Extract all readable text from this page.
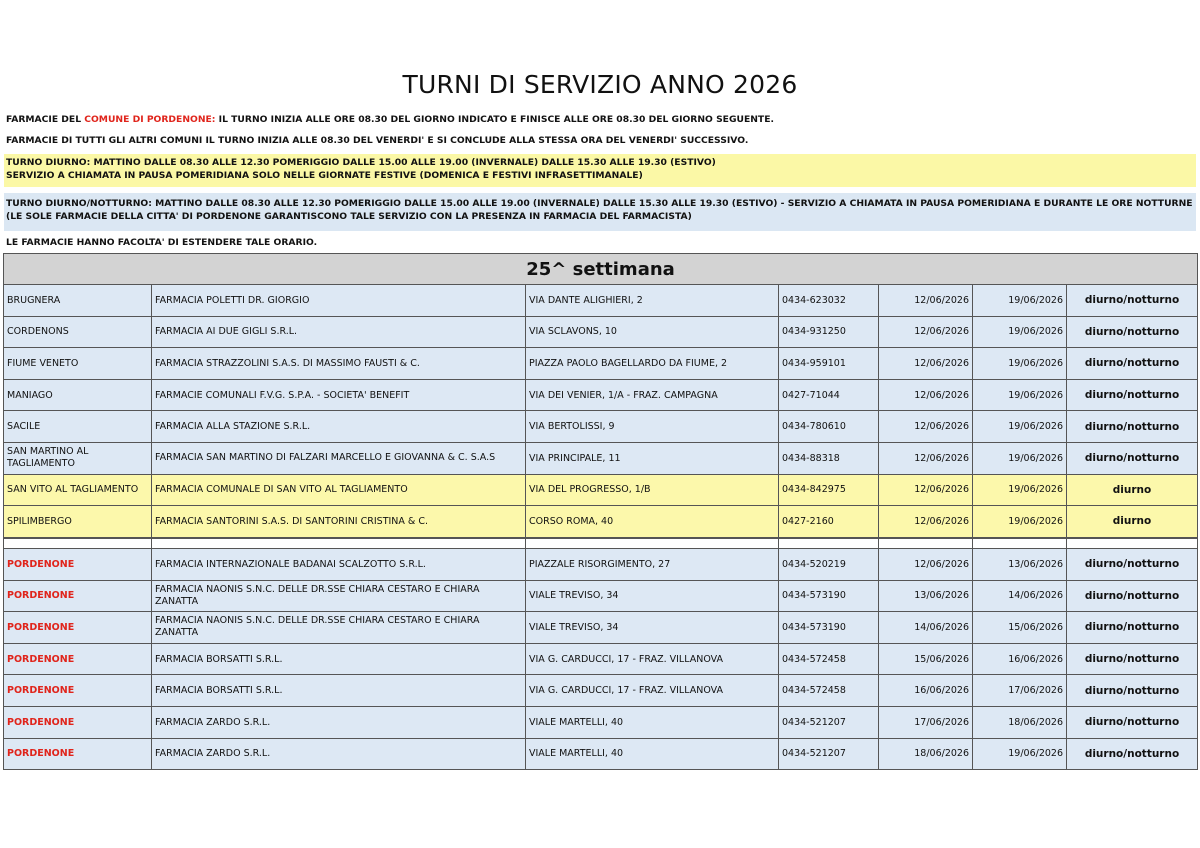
TURNI DI SERVIZIO ANNO 2026
FARMACIE DEL COMUNE DI PORDENONE: IL TURNO INIZIA ALLE ORE 08.30 DEL GIORNO INDICATO E FINISCE ALLE ORE 08.30 DEL GIORNO SEGUENTE.
FARMACIE DI TUTTI GLI ALTRI COMUNI IL TURNO INIZIA ALLE 08.30 DEL VENERDI' E SI CONCLUDE ALLA STESSA ORA DEL VENERDI' SUCCESSIVO.
TURNO DIURNO: MATTINO DALLE 08.30 ALLE 12.30 POMERIGGIO DALLE 15.00 ALLE 19.00 (INVERNALE) DALLE 15.30 ALLE 19.30 (ESTIVO)
SERVIZIO A CHIAMATA IN PAUSA POMERIDIANA SOLO NELLE GIORNATE FESTIVE (DOMENICA E FESTIVI INFRASETTIMANALE)
TURNO DIURNO/NOTTURNO: MATTINO DALLE 08.30 ALLE 12.30 POMERIGGIO DALLE 15.00 ALLE 19.00 (INVERNALE) DALLE 15.30 ALLE 19.30 (ESTIVO) - SERVIZIO A CHIAMATA IN PAUSA POMERIDIANA E DURANTE LE ORE NOTTURNE
(LE SOLE FARMACIE DELLA CITTA' DI PORDENONE GARANTISCONO TALE SERVIZIO CON LA PRESENZA IN FARMACIA DEL FARMACISTA)
LE FARMACIE HANNO FACOLTA' DI ESTENDERE TALE ORARIO.
25^ settimana						
BRUGNERA	FARMACIA POLETTI DR. GIORGIO	VIA DANTE ALIGHIERI, 2	0434-623032	12/06/2026	19/06/2026	diurno/notturno
CORDENONS	FARMACIA AI DUE GIGLI S.R.L.	VIA SCLAVONS, 10	0434-931250	12/06/2026	19/06/2026	diurno/notturno
FIUME VENETO	FARMACIA STRAZZOLINI S.A.S. DI MASSIMO FAUSTI & C.	PIAZZA PAOLO BAGELLARDO DA FIUME, 2	0434-959101	12/06/2026	19/06/2026	diurno/notturno
MANIAGO	FARMACIE COMUNALI F.V.G. S.P.A. - SOCIETA' BENEFIT	VIA DEI VENIER, 1/A - FRAZ. CAMPAGNA	0427-71044	12/06/2026	19/06/2026	diurno/notturno
SACILE	FARMACIA ALLA STAZIONE S.R.L.	VIA BERTOLISSI, 9	0434-780610	12/06/2026	19/06/2026	diurno/notturno
SAN MARTINO AL TAGLIAMENTO	FARMACIA SAN MARTINO DI FALZARI MARCELLO E GIOVANNA & C. S.A.S	VIA PRINCIPALE, 11	0434-88318	12/06/2026	19/06/2026	diurno/notturno
SAN VITO AL TAGLIAMENTO	FARMACIA COMUNALE DI SAN VITO AL TAGLIAMENTO	VIA DEL PROGRESSO, 1/B	0434-842975	12/06/2026	19/06/2026	diurno
SPILIMBERGO	FARMACIA SANTORINI S.A.S. DI SANTORINI CRISTINA & C.	CORSO ROMA, 40	0427-2160	12/06/2026	19/06/2026	diurno

PORDENONE	FARMACIA INTERNAZIONALE BADANAI SCALZOTTO S.R.L.	PIAZZALE RISORGIMENTO, 27	0434-520219	12/06/2026	13/06/2026	diurno/notturno
PORDENONE	FARMACIA NAONIS S.N.C. DELLE DR.SSE CHIARA CESTARO E CHIARA ZANATTA	VIALE TREVISO, 34	0434-573190	13/06/2026	14/06/2026	diurno/notturno
PORDENONE	FARMACIA NAONIS S.N.C. DELLE DR.SSE CHIARA CESTARO E CHIARA ZANATTA	VIALE TREVISO, 34	0434-573190	14/06/2026	15/06/2026	diurno/notturno
PORDENONE	FARMACIA BORSATTI S.R.L.	VIA G. CARDUCCI, 17 - FRAZ. VILLANOVA	0434-572458	15/06/2026	16/06/2026	diurno/notturno
PORDENONE	FARMACIA BORSATTI S.R.L.	VIA G. CARDUCCI, 17 - FRAZ. VILLANOVA	0434-572458	16/06/2026	17/06/2026	diurno/notturno
PORDENONE	FARMACIA ZARDO S.R.L.	VIALE MARTELLI, 40	0434-521207	17/06/2026	18/06/2026	diurno/notturno
PORDENONE	FARMACIA ZARDO S.R.L.	VIALE MARTELLI, 40	0434-521207	18/06/2026	19/06/2026	diurno/notturno
